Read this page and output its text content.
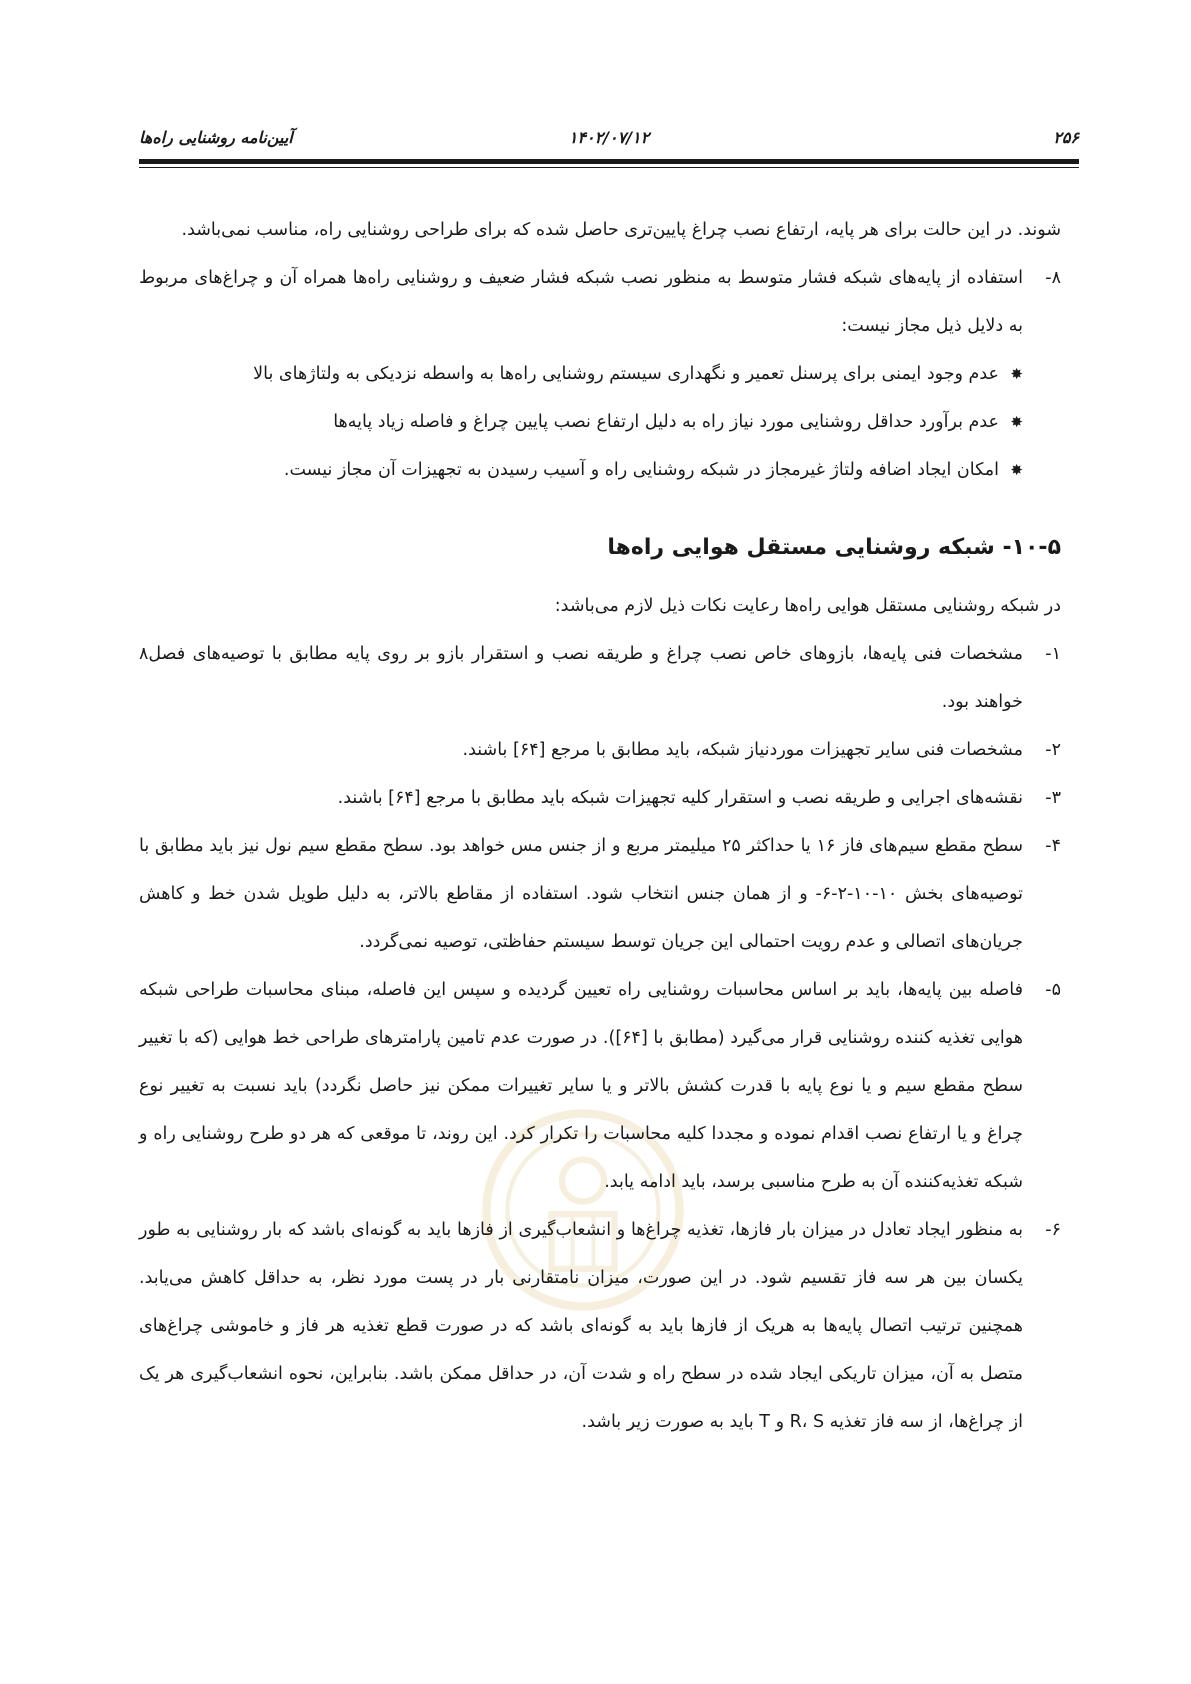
۲۵۶
۱۴۰۲/۰۷/۱۲
آیین‌نامه روشنایی راه‌ها

شوند. در این حالت برای هر پایه، ارتفاع نصب چراغ پایین‌تری حاصل شده که برای طراحی روشنایی راه، مناسب نمی‌باشد.

۸-
استفاده از پایه‌های شبکه فشار متوسط به منظور نصب شبکه فشار ضعیف و روشنایی راه‌ها همراه آن و چراغ‌های مربوط به دلایل ذیل مجاز نیست:
✸
عدم وجود ایمنی برای پرسنل تعمیر و نگهداری سیستم روشنایی راه‌ها به واسطه نزدیکی به ولتاژهای بالا
✸
عدم برآورد حداقل روشنایی مورد نیاز راه به دلیل ارتفاع نصب پایین چراغ و فاصله زیاد پایه‌ها
✸
امکان ایجاد اضافه ولتاژ غیرمجاز در شبکه روشنایی راه و آسیب رسیدن به تجهیزات آن مجاز نیست.
۱۰-۵- شبکه روشنایی مستقل هوایی راه‌ها

در شبکه روشنایی مستقل هوایی راه‌ها رعایت نکات ذیل لازم می‌باشد:

۱-
مشخصات فنی پایه‌ها، بازوهای خاص نصب چراغ و طریقه نصب و استقرار بازو بر روی پایه مطابق با توصیه‌های فصل۸ خواهند بود.
۲-
مشخصات فنی سایر تجهیزات موردنیاز شبکه، باید مطابق با مرجع [۶۴] باشند.
۳-
نقشه‌های اجرایی و طریقه نصب و استقرار کلیه تجهیزات شبکه باید مطابق با مرجع [۶۴] باشند.
۴-
سطح مقطع سیم‌های فاز ۱۶ یا حداکثر ۲۵ میلیمتر مربع و از جنس مس خواهد بود. سطح مقطع سیم نول نیز باید مطابق با توصیه‌های بخش ۱۰-۱۰-۲-۶- و از همان جنس انتخاب شود. استفاده از مقاطع بالاتر، به دلیل طویل شدن خط و کاهش جریان‌های اتصالی و عدم رویت احتمالی این جریان توسط سیستم حفاظتی، توصیه نمی‌گردد.
۵-
فاصله بین پایه‌ها، باید بر اساس محاسبات روشنایی راه تعیین گردیده و سپس این فاصله، مبنای محاسبات طراحی شبکه هوایی تغذیه کننده روشنایی قرار می‌گیرد (مطابق با [۶۴]). در صورت عدم تامین پارامترهای طراحی خط هوایی (که با تغییر سطح مقطع سیم و یا نوع پایه با قدرت کشش بالاتر و یا سایر تغییرات ممکن نیز حاصل نگردد) باید نسبت به تغییر نوع چراغ و یا ارتفاع نصب اقدام نموده و مجددا کلیه محاسبات را تکرار کرد. این روند، تا موقعی که هر دو طرح روشنایی راه و شبکه تغذیه‌کننده آن به طرح مناسبی برسد، باید ادامه یابد.
۶-
به منظور ایجاد تعادل در میزان بار فازها، تغذیه چراغ‌ها و انشعاب‌گیری از فازها باید به گونه‌ای باشد که بار روشنایی به طور یکسان بین هر سه فاز تقسیم شود. در این صورت، میزان نامتقارنی بار در پست مورد نظر، به حداقل کاهش می‌یابد. همچنین ترتیب اتصال پایه‌ها به هریک از فازها باید به گونه‌ای باشد که در صورت قطع تغذیه هر فاز و خاموشی چراغ‌های متصل به آن، میزان تاریکی ایجاد شده در سطح راه و شدت آن، در حداقل ممکن باشد. بنابراین، نحوه انشعاب‌گیری هر یک از چراغ‌ها، از سه فاز تغذیه R، S و T باید به صورت زیر باشد.
